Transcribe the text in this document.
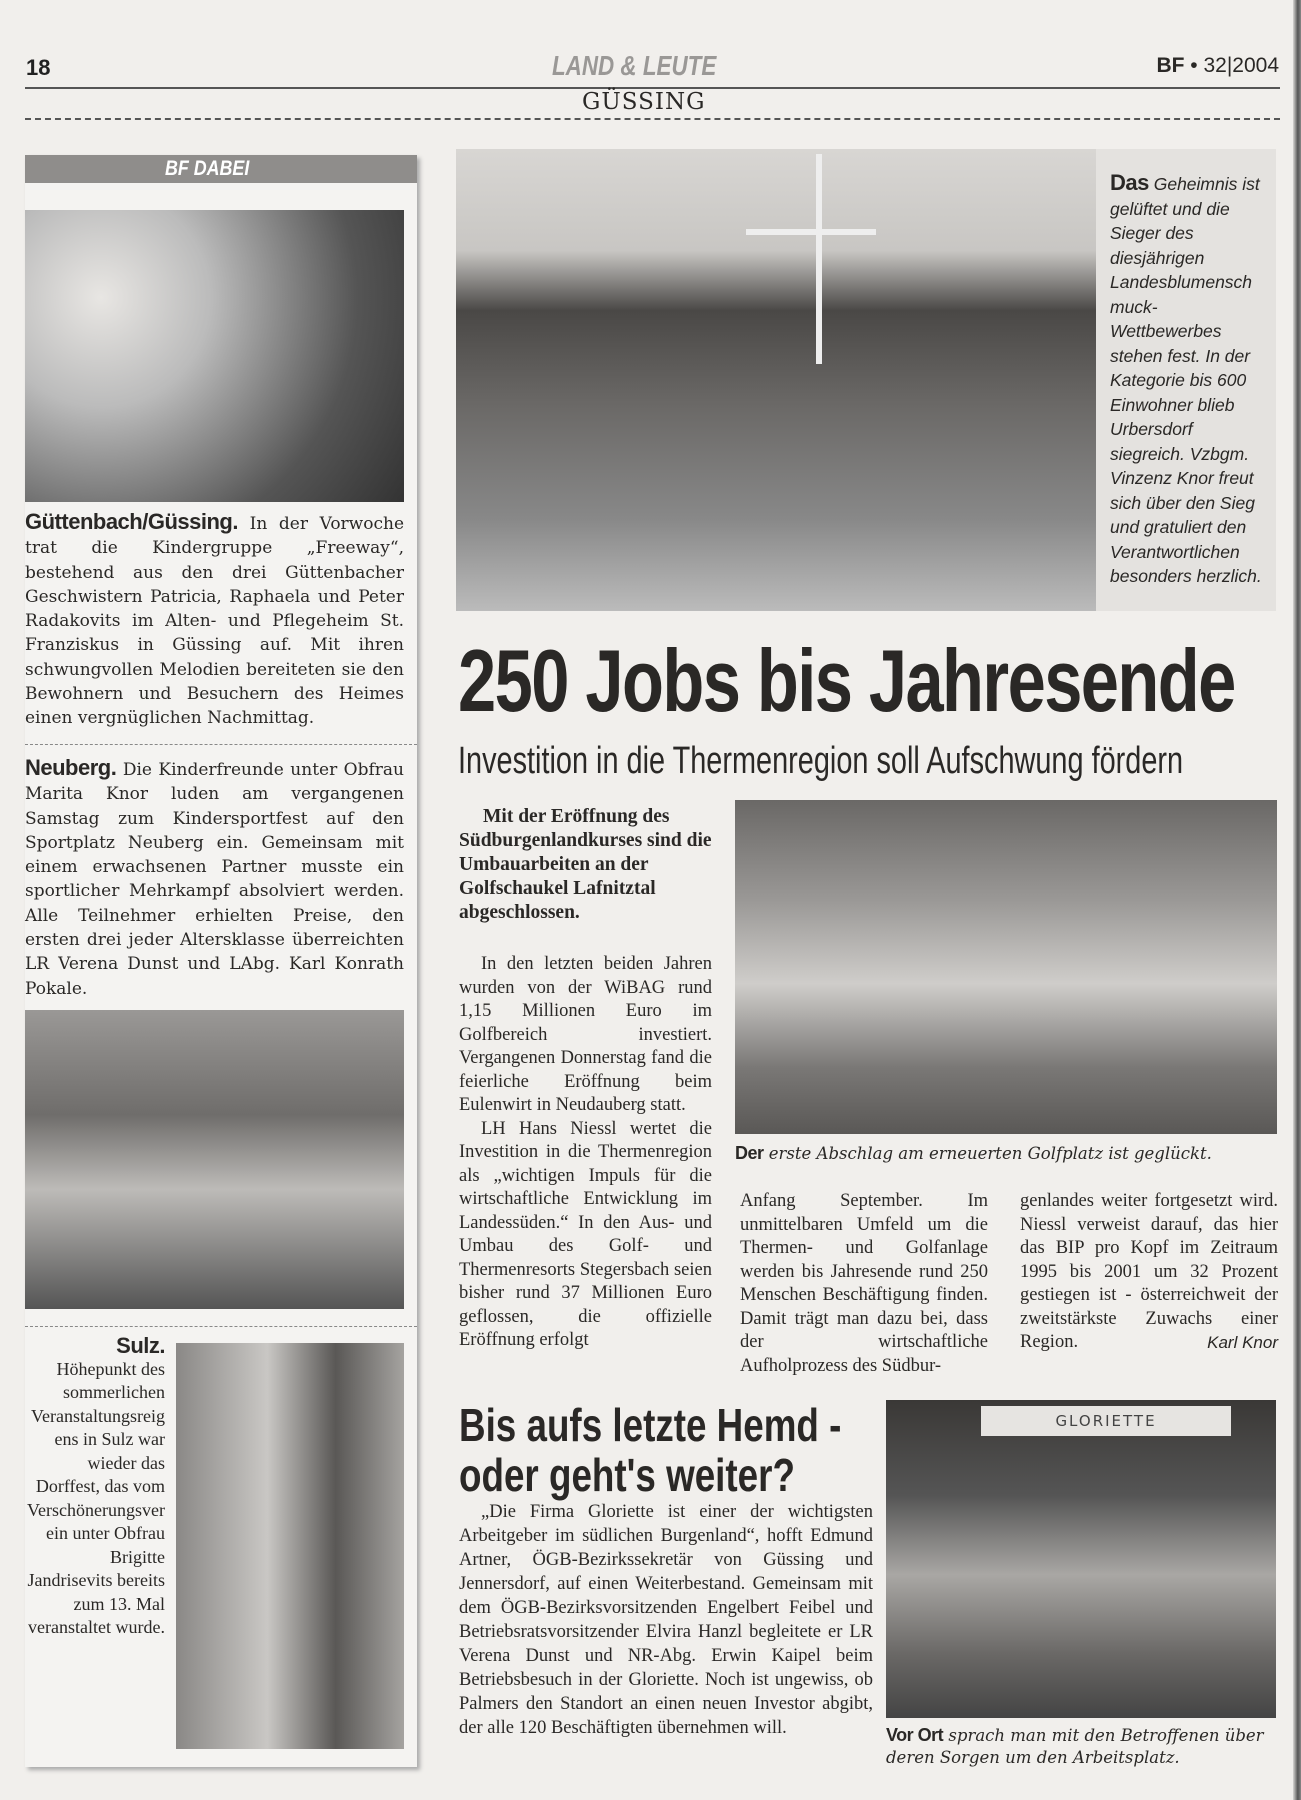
18	LAND & LEUTE	BF • 32|2004
GÜSSING
BF DABEI
Güttenbach/Güssing. In der Vorwoche trat die Kindergruppe „Freeway“, bestehend aus den drei Güttenbacher Geschwistern Patricia, Raphaela und Peter Radakovits im Alten- und Pflegeheim St. Franziskus in Güssing auf. Mit ihren schwungvollen Melodien bereiteten sie den Bewohnern und Besuchern des Heimes einen vergnüglichen Nachmittag.
Neuberg. Die Kinderfreunde unter Obfrau Marita Knor luden am vergangenen Samstag zum Kindersportfest auf den Sportplatz Neuberg ein. Gemeinsam mit einem erwachsenen Partner musste ein sportlicher Mehrkampf absolviert werden. Alle Teilnehmer erhielten Preise, den ersten drei jeder Altersklasse überreichten LR Verena Dunst und LAbg. Karl Konrath Pokale.
Sulz.
Höhepunkt des sommerlichen Veranstaltungsreigens in Sulz war wieder das Dorffest, das vom Verschönerungsverein unter Obfrau Brigitte Jandrisevits bereits zum 13. Mal veranstaltet wurde.
Das Geheimnis ist gelüftet und die Sieger des diesjährigen Landesblumenschmuck-Wettbewerbes stehen fest. In der Kategorie bis 600 Einwohner blieb Urbersdorf siegreich. Vzbgm. Vinzenz Knor freut sich über den Sieg und gratuliert den Verantwortlichen besonders herzlich.
250 Jobs bis Jahresende
Investition in die Thermenregion soll Aufschwung fördern
Mit der Eröffnung des Südburgenlandkurses sind die Umbauarbeiten an der Golfschaukel Lafnitztal abgeschlossen.
Der erste Abschlag am erneuerten Golfplatz ist geglückt.

In den letzten beiden Jahren wurden von der WiBAG rund 1,15 Millionen Euro im Golfbereich investiert. Vergangenen Donnerstag fand die feierliche Eröffnung beim Eulenwirt in Neudauberg statt.

LH Hans Niessl wertet die Investition in die Thermenregion als „wichtigen Impuls für die wirtschaftliche Entwicklung im Landessüden.“ In den Aus- und Umbau des Golf- und Thermenresorts Stegersbach seien bisher rund 37 Millionen Euro geflossen, die offizielle Eröffnung erfolgt

Anfang September. Im unmittelbaren Umfeld um die Thermen- und Golfanlage werden bis Jahresende rund 250 Menschen Beschäftigung finden. Damit trägt man dazu bei, dass der wirtschaftliche Aufholprozess des Südbur-

genlandes weiter fortgesetzt wird. Niessl verweist darauf, das hier das BIP pro Kopf im Zeitraum 1995 bis 2001 um 32 Prozent gestiegen ist - österreichweit der zweitstärkste Zuwachs einer Region.	Karl Knor

Bis aufs letzte Hemd -
oder geht's weiter?
„Die Firma Gloriette ist einer der wichtigsten Arbeitgeber im südlichen Burgenland“, hofft Edmund Artner, ÖGB-Bezirkssekretär von Güssing und Jennersdorf, auf einen Weiterbestand. Gemeinsam mit dem ÖGB-Bezirksvorsitzenden Engelbert Feibel und Betriebsratsvorsitzender Elvira Hanzl begleitete er LR Verena Dunst und NR-Abg. Erwin Kaipel beim Betriebsbesuch in der Gloriette. Noch ist ungewiss, ob Palmers den Standort an einen neuen Investor abgibt, der alle 120 Beschäftigten übernehmen will.
GLORIETTE
Vor Ort sprach man mit den Betroffenen über deren Sorgen um den Arbeitsplatz.
